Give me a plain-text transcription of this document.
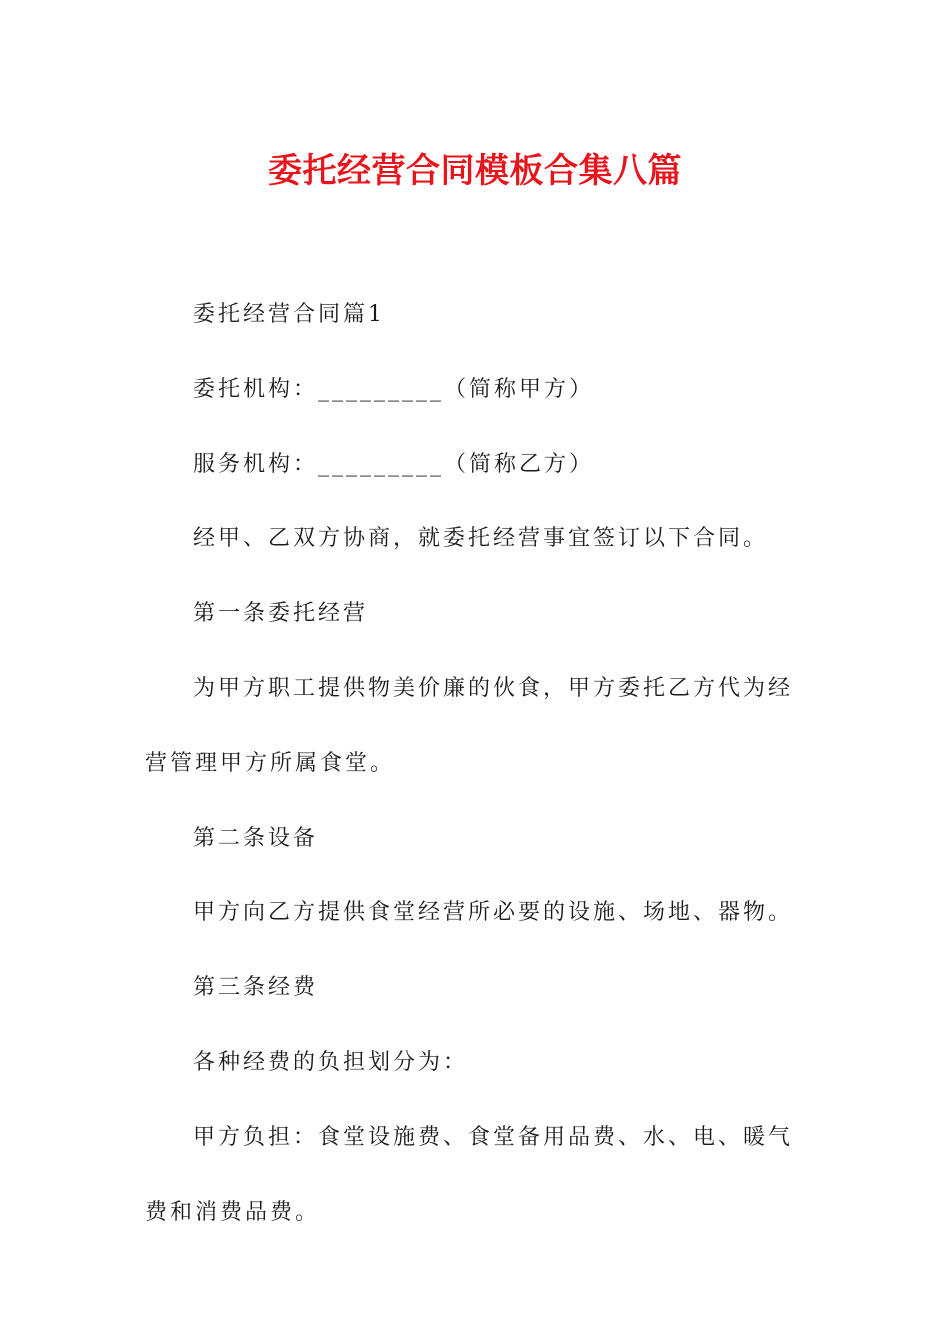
委托经营合同模板合集八篇

委托经营合同篇1

委托机构：_________（简称甲方）

服务机构：_________（简称乙方）

经甲、乙双方协商，就委托经营事宜签订以下合同。

第一条委托经营

为甲方职工提供物美价廉的伙食，甲方委托乙方代为经营管理甲方所属食堂。

第二条设备

甲方向乙方提供食堂经营所必要的设施、场地、器物。

第三条经费

各种经费的负担划分为：

甲方负担：食堂设施费、食堂备用品费、水、电、暖气费和消费品费。
